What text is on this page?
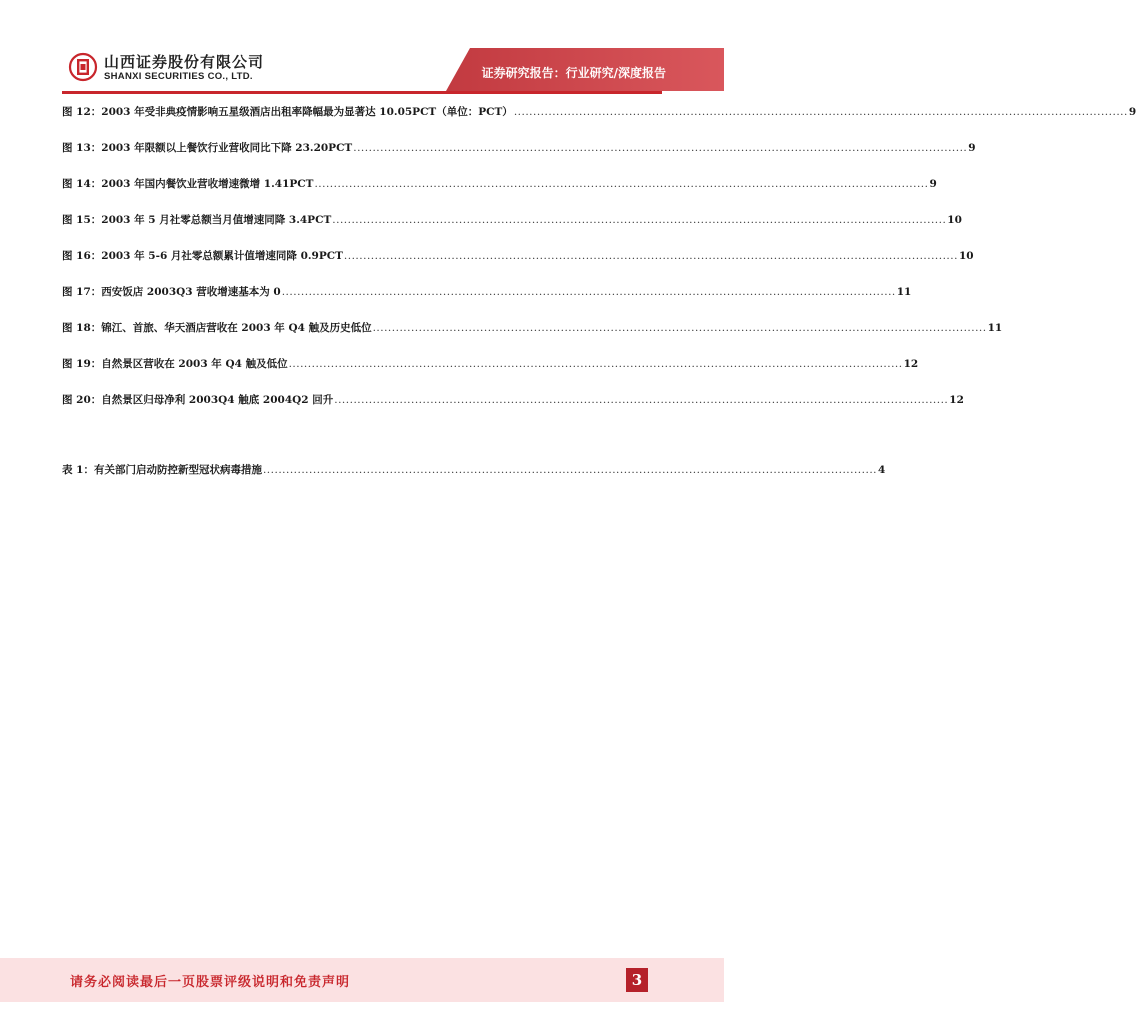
证券研究报告：行业研究/深度报告
山西证券股份有限公司
SHANXI SECURITIES CO., LTD.
图 12：2003 年受非典疫情影响五星级酒店出租率降幅最为显著达 10.05PCT（单位：PCT） ................................................................................................................................................................ 9
图 13：2003 年限额以上餐饮行业营收同比下降 23.20PCT ................................................................................................................................................................ 9
图 14：2003 年国内餐饮业营收增速微增 1.41PCT ................................................................................................................................................................ 9
图 15：2003 年 5 月社零总额当月值增速同降 3.4PCT ................................................................................................................................................................ 10
图 16：2003 年 5-6 月社零总额累计值增速同降 0.9PCT ................................................................................................................................................................ 10
图 17：西安饭店 2003Q3 营收增速基本为 0 ................................................................................................................................................................ 11
图 18：锦江、首旅、华天酒店营收在 2003 年 Q4 触及历史低位 ................................................................................................................................................................ 11
图 19：自然景区营收在 2003 年 Q4 触及低位 ................................................................................................................................................................ 12
图 20：自然景区归母净利 2003Q4 触底 2004Q2 回升 ................................................................................................................................................................ 12
表 1：有关部门启动防控新型冠状病毒措施 ................................................................................................................................................................ 4
请务必阅读最后一页股票评级说明和免责声明	3
